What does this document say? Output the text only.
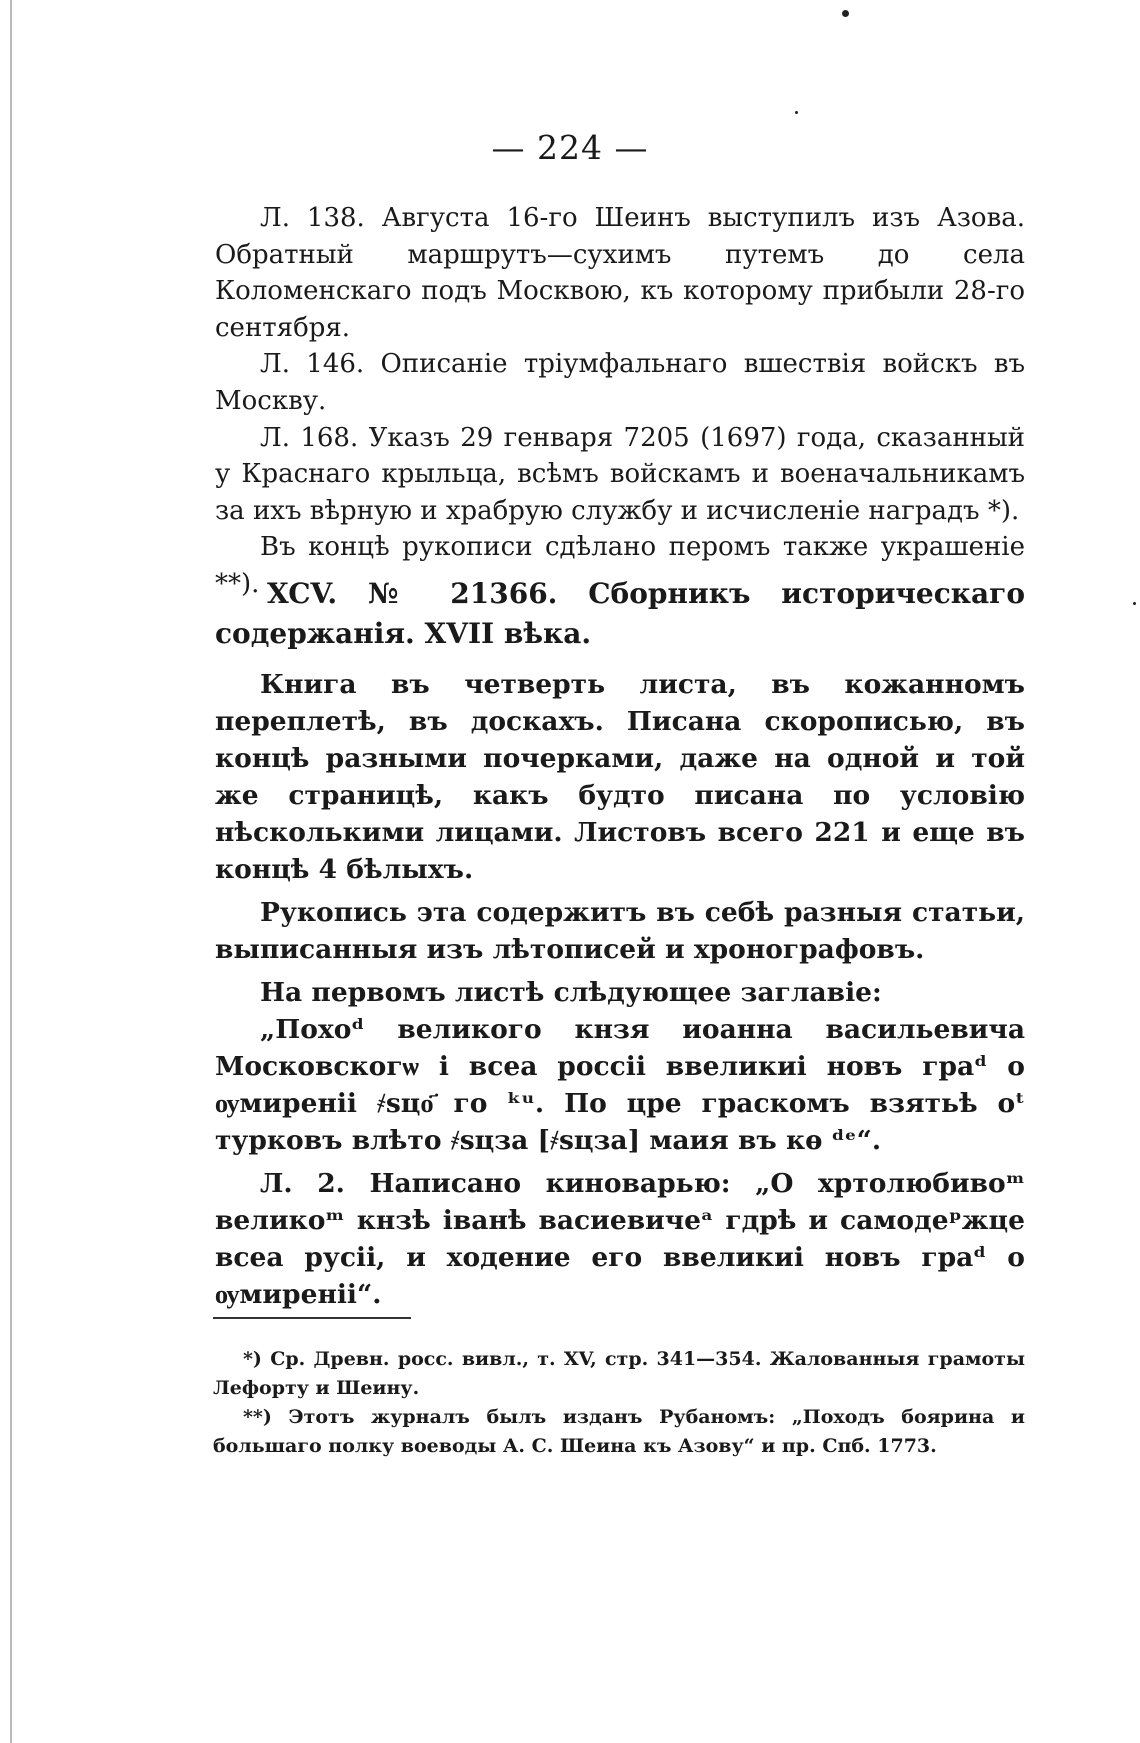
— 224 —

Л. 138. Августа 16-го Шеинъ выступилъ изъ Азова. Обратный маршрутъ—сухимъ путемъ до села Коломенскаго подъ Москвою, къ которому прибыли 28-го сентября.

Л. 146. Описаніе тріумфальнаго вшествія войскъ въ Москву.

Л. 168. Указъ 29 генваря 7205 (1697) года, сказанный у Краснаго крыльца, всѣмъ войскамъ и военачальникамъ за ихъ вѣрную и храбрую службу и исчисленіе наградъ *).

Въ концѣ рукописи сдѣлано перомъ также украшеніе **). XCV. № 21366. Сборникъ историческаго содержанія. XVII вѣка.

Книга въ четверть листа, въ кожанномъ переплетѣ, въ доскахъ. Писана скорописью, въ концѣ разными почерками, даже на одной и той же страницѣ, какъ будто писана по условію нѣсколькими лицами. Листовъ всего 221 и еще въ концѣ 4 бѣлыхъ.

Рукопись эта содержитъ въ себѣ разныя статьи, выписанныя изъ лѣтописей и хронографовъ.

На первомъ листѣ слѣдующее заглавіе:

„Похоᵈ великого кнзя иоанна васильевича Московскогѡ і всеа россіі ввеликиі новъ граᵈ о ѹмиреніі ҂sцо҃ го ᵏᵘ. По цре граскомъ взятьѣ оᵗ турковъ влѣто ҂sцза [҂sцза] маия въ кѳ ᵈᵉ“.

Л. 2. Написано киноварью: „О хртолюбивоᵐ великоᵐ кнзѣ іванѣ васиевичеᵃ гдрѣ и самодеᵖжце всеа русіі, и ходение его ввеликиі новъ граᵈ о ѹмиреніі“.

*) Ср. Древн. росс. вивл., т. XV, стр. 341—354. Жалованныя грамоты Лефорту и Шеину.

**) Этотъ журналъ былъ изданъ Рубаномъ: „Походъ боярина и большаго полку воеводы А. С. Шеина къ Азову“ и пр. Спб. 1773.
